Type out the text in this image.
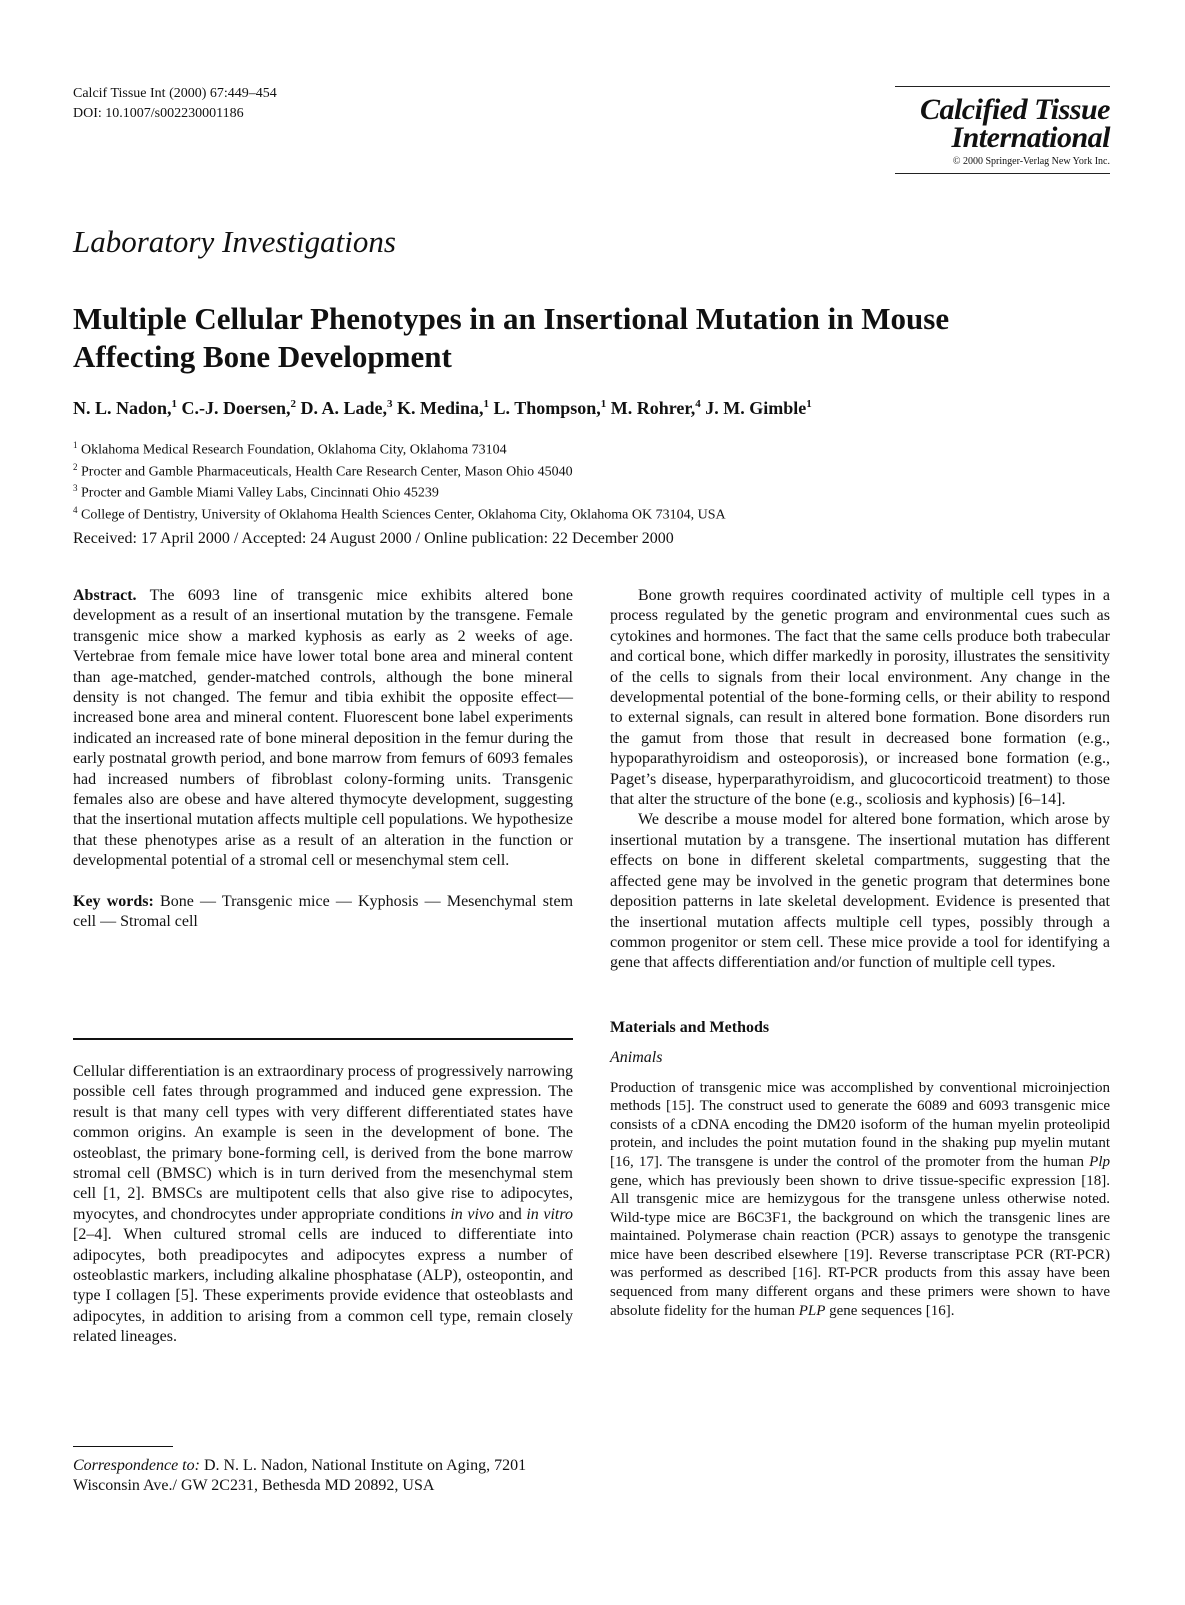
Calcif Tissue Int (2000) 67:449–454
DOI: 10.1007/s002230001186	Calcified Tissue
International
© 2000 Springer-Verlag New York Inc.
Laboratory Investigations
Multiple Cellular Phenotypes in an Insertional Mutation in Mouse
Affecting Bone Development
N. L. Nadon,$^1$ C.-J. Doersen,$^2$ D. A. Lade,$^3$ K. Medina,$^1$ L. Thompson,$^1$ M. Rohrer,$^4$ J. M. Gimble$^1$
$^1$ Oklahoma Medical Research Foundation, Oklahoma City, Oklahoma 73104
$^2$ Procter and Gamble Pharmaceuticals, Health Care Research Center, Mason Ohio 45040
$^3$ Procter and Gamble Miami Valley Labs, Cincinnati Ohio 45239
$^4$ College of Dentistry, University of Oklahoma Health Sciences Center, Oklahoma City, Oklahoma OK 73104, USA
Received: 17 April 2000 / Accepted: 24 August 2000 / Online publication: 22 December 2000

Abstract. The 6093 line of transgenic mice exhibits altered bone development as a result of an insertional mutation by the transgene. Female transgenic mice show a marked kyphosis as early as 2 weeks of age. Vertebrae from female mice have lower total bone area and mineral content than age-matched, gender-matched controls, although the bone mineral density is not changed. The femur and tibia exhibit the opposite effect—increased bone area and mineral content. Fluorescent bone label experiments indicated an increased rate of bone mineral deposition in the femur during the early postnatal growth period, and bone marrow from femurs of 6093 females had increased numbers of fibroblast colony-forming units. Transgenic females also are obese and have altered thymocyte development, suggesting that the insertional mutation affects multiple cell populations. We hypothesize that these phenotypes arise as a result of an alteration in the function or developmental potential of a stromal cell or mesenchymal stem cell.

Key words: Bone — Transgenic mice — Kyphosis — Mesenchymal stem cell — Stromal cell

Cellular differentiation is an extraordinary process of progressively narrowing possible cell fates through programmed and induced gene expression. The result is that many cell types with very different differentiated states have common origins. An example is seen in the development of bone. The osteoblast, the primary bone-forming cell, is derived from the bone marrow stromal cell (BMSC) which is in turn derived from the mesenchymal stem cell [1, 2]. BMSCs are multipotent cells that also give rise to adipocytes, myocytes, and chondrocytes under appropriate conditions in vivo and in vitro [2–4]. When cultured stromal cells are induced to differentiate into adipocytes, both preadipocytes and adipocytes express a number of osteoblastic markers, including alkaline phosphatase (ALP), osteopontin, and type I collagen [5]. These experiments provide evidence that osteoblasts and adipocytes, in addition to arising from a common cell type, remain closely related lineages.

Correspondence to: D. N. L. Nadon, National Institute on Aging, 7201 Wisconsin Ave./ GW 2C231, Bethesda MD 20892, USA

Bone growth requires coordinated activity of multiple cell types in a process regulated by the genetic program and environmental cues such as cytokines and hormones. The fact that the same cells produce both trabecular and cortical bone, which differ markedly in porosity, illustrates the sensitivity of the cells to signals from their local environment. Any change in the developmental potential of the bone-forming cells, or their ability to respond to external signals, can result in altered bone formation. Bone disorders run the gamut from those that result in decreased bone formation (e.g., hypoparathyroidism and osteoporosis), or increased bone formation (e.g., Paget’s disease, hyperparathyroidism, and glucocorticoid treatment) to those that alter the structure of the bone (e.g., scoliosis and kyphosis) [6–14].

We describe a mouse model for altered bone formation, which arose by insertional mutation by a transgene. The insertional mutation has different effects on bone in different skeletal compartments, suggesting that the affected gene may be involved in the genetic program that determines bone deposition patterns in late skeletal development. Evidence is presented that the insertional mutation affects multiple cell types, possibly through a common progenitor or stem cell. These mice provide a tool for identifying a gene that affects differentiation and/or function of multiple cell types.

Materials and Methods

Animals

Production of transgenic mice was accomplished by conventional microinjection methods [15]. The construct used to generate the 6089 and 6093 transgenic mice consists of a cDNA encoding the DM20 isoform of the human myelin proteolipid protein, and includes the point mutation found in the shaking pup myelin mutant [16, 17]. The transgene is under the control of the promoter from the human Plp gene, which has previously been shown to drive tissue-specific expression [18]. All transgenic mice are hemizygous for the transgene unless otherwise noted. Wild-type mice are B6C3F1, the background on which the transgenic lines are maintained. Polymerase chain reaction (PCR) assays to genotype the transgenic mice have been described elsewhere [19]. Reverse transcriptase PCR (RT-PCR) was performed as described [16]. RT-PCR products from this assay have been sequenced from many different organs and these primers were shown to have absolute fidelity for the human PLP gene sequences [16].
